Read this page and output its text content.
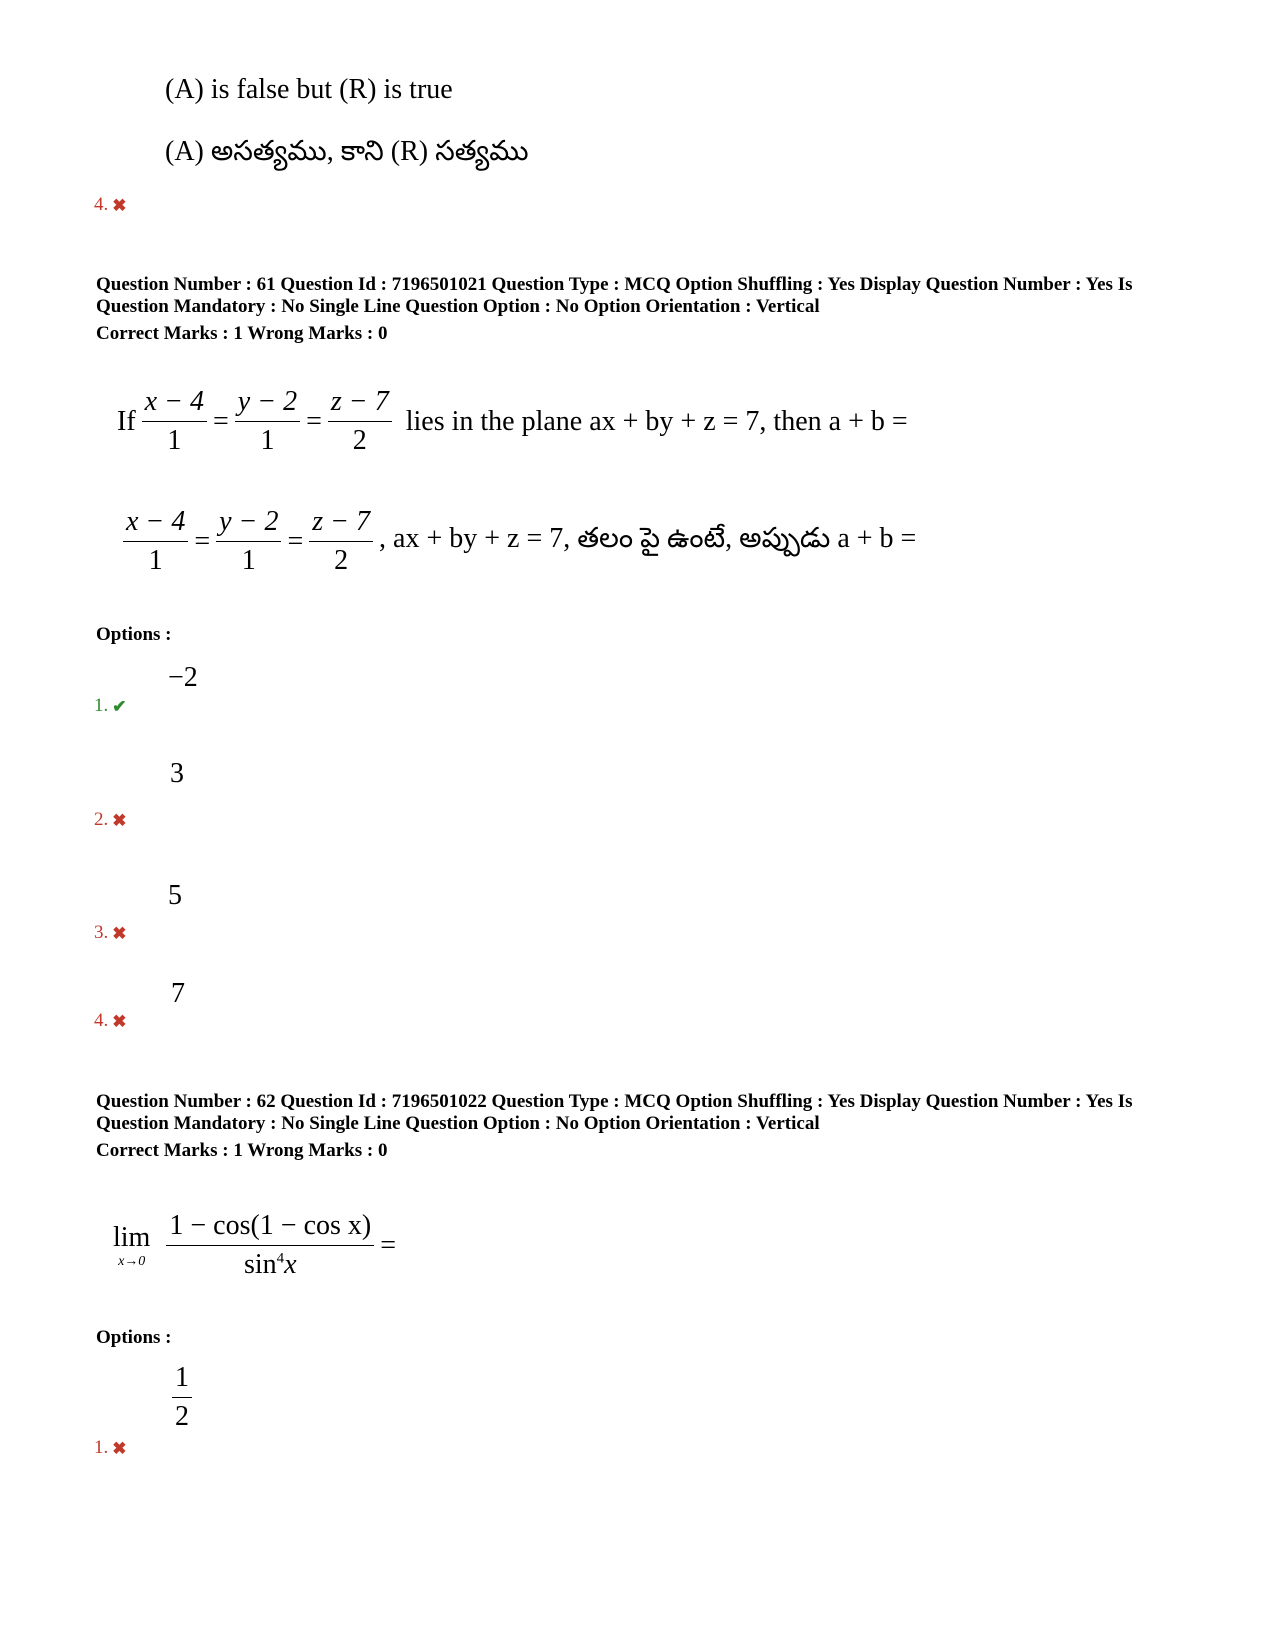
(A) is false but (R) is true
(A) అసత్యము, కాని (R) సత్యము
4. ✖
Question Number : 61 Question Id : 7196501021 Question Type : MCQ Option Shuffling : Yes Display Question Number : Yes Is
Question Mandatory : No Single Line Question Option : No Option Orientation : Vertical
Correct Marks : 1 Wrong Marks : 0
If $\frac{x - 4}{1} = \frac{y - 2}{1} = \frac{z - 7}{2}$ lies in the plane ax + by + z = 7, then a + b =
$\frac{x - 4}{1} = \frac{y - 2}{1} = \frac{z - 7}{2}$ , ax + by + z = 7, తలం పై ఉంటే, అప్పుడు a + b =
Options :
−2
1. ✔
3
2. ✖
5
3. ✖
7
4. ✖
Question Number : 62 Question Id : 7196501022 Question Type : MCQ Option Shuffling : Yes Display Question Number : Yes Is
Question Mandatory : No Single Line Question Option : No Option Orientation : Vertical
Correct Marks : 1 Wrong Marks : 0
lim
$x\to 0 \frac{\text{1 − cos(1 − cos x)}}{\sin^4x}$ =
Options :
$\frac{1}{2}$
1. ✖
